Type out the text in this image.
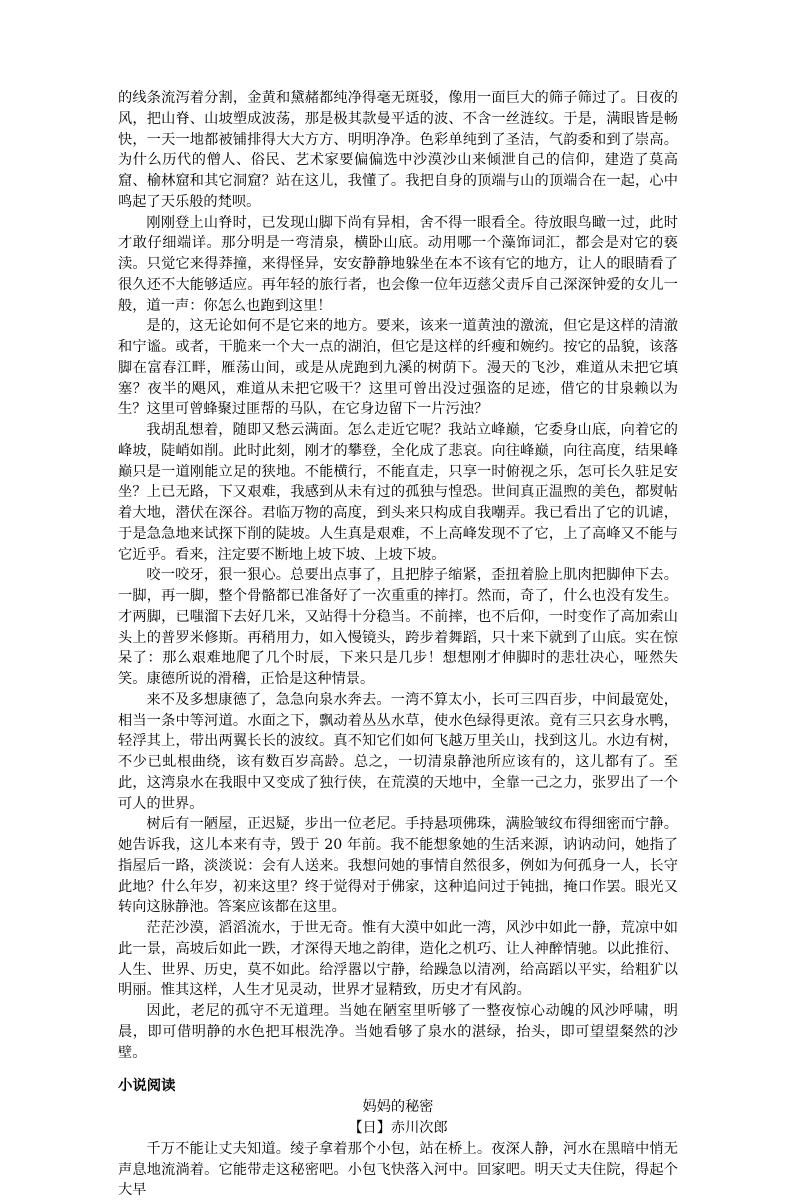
的线条流泻着分割，金黄和黛赭都纯净得毫无斑驳，像用一面巨大的筛子筛过了。日夜的风，把山脊、山坡塑成波荡，那是极其款曼平适的波、不含一丝涟纹。于是，满眼皆是畅快，一天一地都被铺排得大大方方、明明净净。色彩单纯到了圣洁，气韵委和到了崇高。为什么历代的僧人、俗民、艺术家要偏偏选中沙漠沙山来倾泄自己的信仰，建造了莫高窟、榆林窟和其它洞窟？站在这儿，我懂了。我把自身的顶端与山的顶端合在一起，心中鸣起了天乐般的梵呗。

刚刚登上山脊时，已发现山脚下尚有异相，舍不得一眼看全。待放眼鸟瞰一过，此时才敢仔细端详。那分明是一弯清泉，横卧山底。动用哪一个藻饰词汇，都会是对它的亵渎。只觉它来得莽撞，来得怪异，安安静静地躲坐在本不该有它的地方，让人的眼睛看了很久还不大能够适应。再年轻的旅行者，也会像一位年迈慈父责斥自己深深钟爱的女儿一般，道一声：你怎么也跑到这里！

是的，这无论如何不是它来的地方。要来，该来一道黄浊的激流，但它是这样的清澈和宁谧。或者，干脆来一个大一点的湖泊，但它是这样的纤瘦和婉约。按它的品貌，该落脚在富春江畔，雁荡山间，或是从虎跑到九溪的树荫下。漫天的飞沙，难道从未把它填塞？夜半的飓风，难道从未把它吸干？这里可曾出没过强盗的足迹，借它的甘泉赖以为生？这里可曾蜂聚过匪帮的马队，在它身边留下一片污浊？

我胡乱想着，随即又愁云满面。怎么走近它呢？我站立峰巅，它委身山底，向着它的峰坡，陡峭如削。此时此刻，刚才的攀登，全化成了悲哀。向往峰巅，向往高度，结果峰巅只是一道刚能立足的狭地。不能横行，不能直走，只享一时俯视之乐，怎可长久驻足安坐？上已无路，下又艰难，我感到从未有过的孤独与惶恐。世间真正温煦的美色，都熨帖着大地，潜伏在深谷。君临万物的高度，到头来只构成自我嘲弄。我已看出了它的讥谑，于是急急地来试探下削的陡坡。人生真是艰难，不上高峰发现不了它，上了高峰又不能与它近乎。看来，注定要不断地上坡下坡、上坡下坡。

咬一咬牙，狠一狠心。总要出点事了，且把脖子缩紧，歪扭着脸上肌肉把脚伸下去。一脚，再一脚，整个骨骼都已准备好了一次重重的摔打。然而，奇了，什么也没有发生。才两脚，已嗤溜下去好几米，又站得十分稳当。不前摔，也不后仰，一时变作了高加索山头上的普罗米修斯。再稍用力，如入慢镜头，跨步着舞蹈，只十来下就到了山底。实在惊呆了：那么艰难地爬了几个时辰，下来只是几步！想想刚才伸脚时的悲壮决心，哑然失笑。康德所说的滑稽，正恰是这种情景。

来不及多想康德了，急急向泉水奔去。一湾不算太小，长可三四百步，中间最宽处，相当一条中等河道。水面之下，飘动着丛丛水草，使水色绿得更浓。竟有三只玄身水鸭，轻浮其上，带出两翼长长的波纹。真不知它们如何飞越万里关山，找到这儿。水边有树，不少已虬根曲绕，该有数百岁高龄。总之，一切清泉静池所应该有的，这儿都有了。至此，这湾泉水在我眼中又变成了独行侠，在荒漠的天地中，全靠一己之力，张罗出了一个可人的世界。

树后有一陋屋，正迟疑，步出一位老尼。手持悬项佛珠，满脸皱纹布得细密而宁静。她告诉我，这儿本来有寺，毁于 20 年前。我不能想象她的生活来源，讷讷动问，她指了指屋后一路，淡淡说：会有人送来。我想问她的事情自然很多，例如为何孤身一人，长守此地？什么年岁，初来这里？终于觉得对于佛家，这种追问过于钝拙，掩口作罢。眼光又转向这脉静池。答案应该都在这里。

茫茫沙漠，滔滔流水，于世无奇。惟有大漠中如此一湾，风沙中如此一静，荒凉中如此一景，高坡后如此一跌，才深得天地之韵律，造化之机巧、让人神醉情驰。以此推衍、人生、世界、历史，莫不如此。给浮嚣以宁静，给躁急以清冽，给高蹈以平实，给粗犷以明丽。惟其这样，人生才见灵动，世界才显精致，历史才有风韵。

因此，老尼的孤守不无道理。当她在陋室里听够了一整夜惊心动魄的风沙呼啸，明晨，即可借明静的水色把耳根洗净。当她看够了泉水的湛绿，抬头，即可望望粲然的沙壁。

小说阅读

妈妈的秘密

【日】赤川次郎

千万不能让丈夫知道。绫子拿着那个小包，站在桥上。夜深人静，河水在黑暗中悄无声息地流淌着。它能带走这秘密吧。小包飞快落入河中。回家吧。明天丈夫住院，得起个大早
